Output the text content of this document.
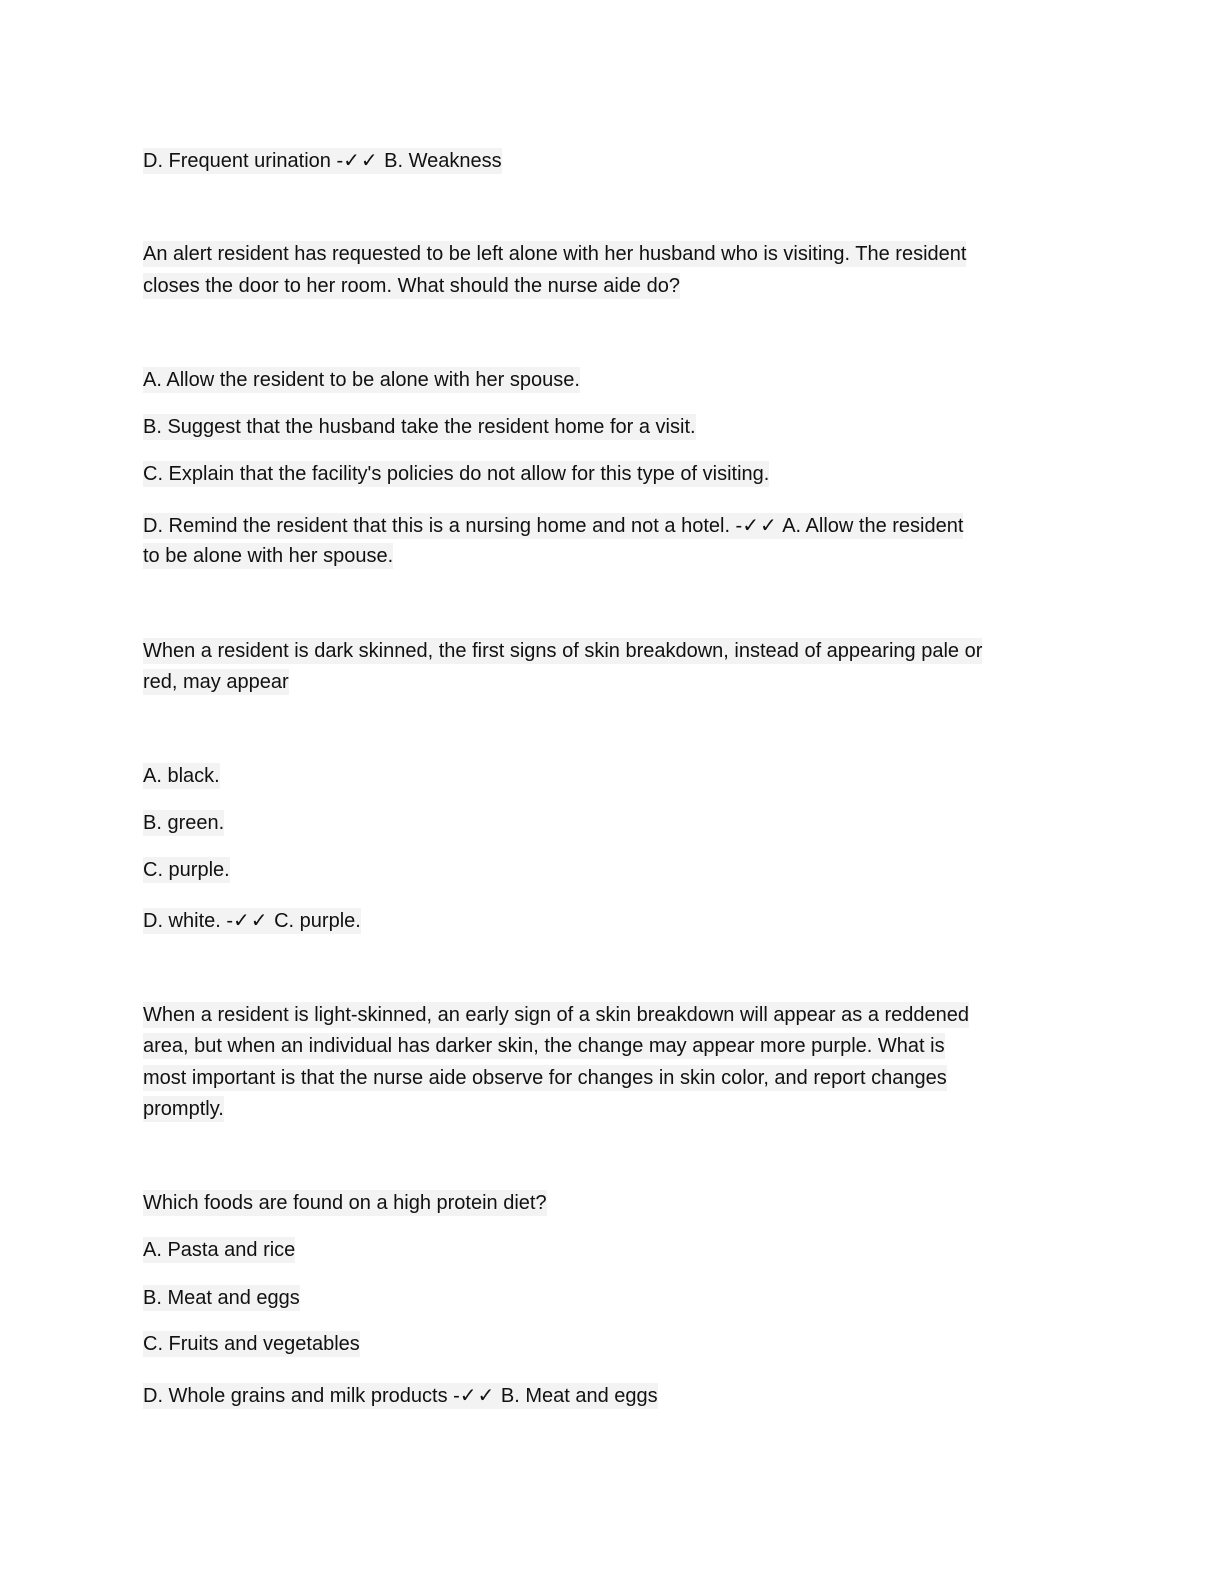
D. Frequent urination -✓✓ B. Weakness
An alert resident has requested to be left alone with her husband who is visiting. The resident
closes the door to her room. What should the nurse aide do?
A. Allow the resident to be alone with her spouse.
B. Suggest that the husband take the resident home for a visit.
C. Explain that the facility's policies do not allow for this type of visiting.
D. Remind the resident that this is a nursing home and not a hotel. -✓✓ A. Allow the resident
to be alone with her spouse.
When a resident is dark skinned, the first signs of skin breakdown, instead of appearing pale or
red, may appear
A. black.
B. green.
C. purple.
D. white. -✓✓ C. purple.
When a resident is light-skinned, an early sign of a skin breakdown will appear as a reddened
area, but when an individual has darker skin, the change may appear more purple. What is
most important is that the nurse aide observe for changes in skin color, and report changes
promptly.
Which foods are found on a high protein diet?
A. Pasta and rice
B. Meat and eggs
C. Fruits and vegetables
D. Whole grains and milk products -✓✓ B. Meat and eggs
